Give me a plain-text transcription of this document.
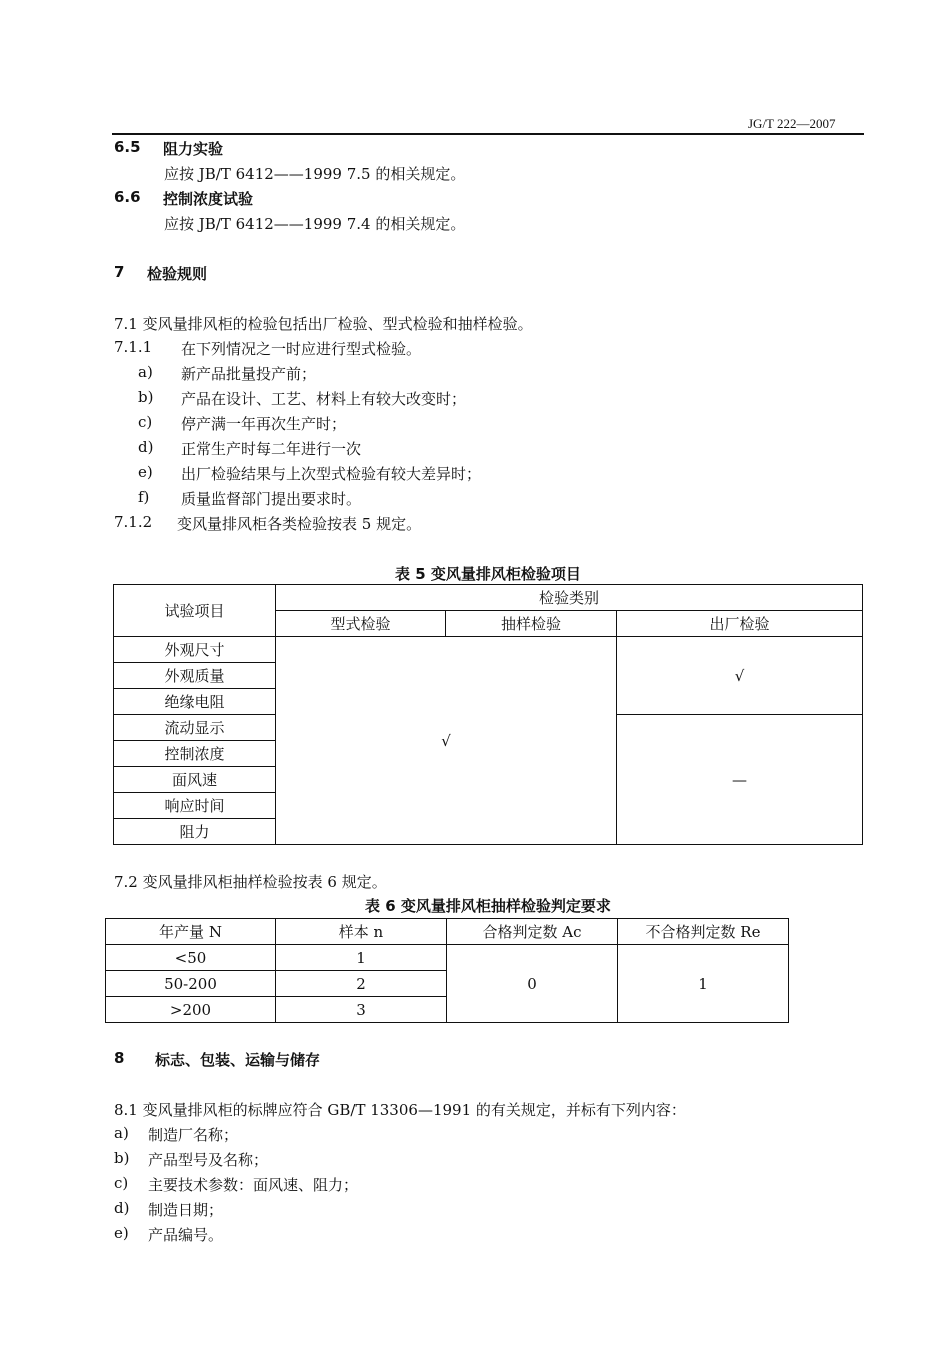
JG/T 222—2007
6.5 阻力实验
应按 JB/T 6412——1999 7.5 的相关规定。
6.6 控制浓度试验
应按 JB/T 6412——1999 7.4 的相关规定。
7 检验规则
7.1 变风量排风柜的检验包括出厂检验、型式检验和抽样检验。
7.1.1 在下列情况之一时应进行型式检验。
a) 新产品批量投产前；
b) 产品在设计、工艺、材料上有较大改变时；
c) 停产满一年再次生产时；
d) 正常生产时每二年进行一次
e) 出厂检验结果与上次型式检验有较大差异时；
f) 质量监督部门提出要求时。
7.1.2 变风量排风柜各类检验按表 5 规定。
表 5 变风量排风柜检验项目
试验项目	检验类别		
	型式检验	抽样检验	出厂检验
外观尺寸	√		√
外观质量			
绝缘电阻			
流动显示			—
控制浓度			
面风速			
响应时间			
阻力			
7.2 变风量排风柜抽样检验按表 6 规定。
表 6 变风量排风柜抽样检验判定要求
年产量 N	样本 n	合格判定数 Ac	不合格判定数 Re
<50	1	0	1
50-200	2		
>200	3		
8 标志、包装、运输与储存
8.1 变风量排风柜的标牌应符合 GB/T 13306—1991 的有关规定，并标有下列内容：
a) 制造厂名称；
b) 产品型号及名称；
c) 主要技术参数：面风速、阻力；
d) 制造日期；
e) 产品编号。
